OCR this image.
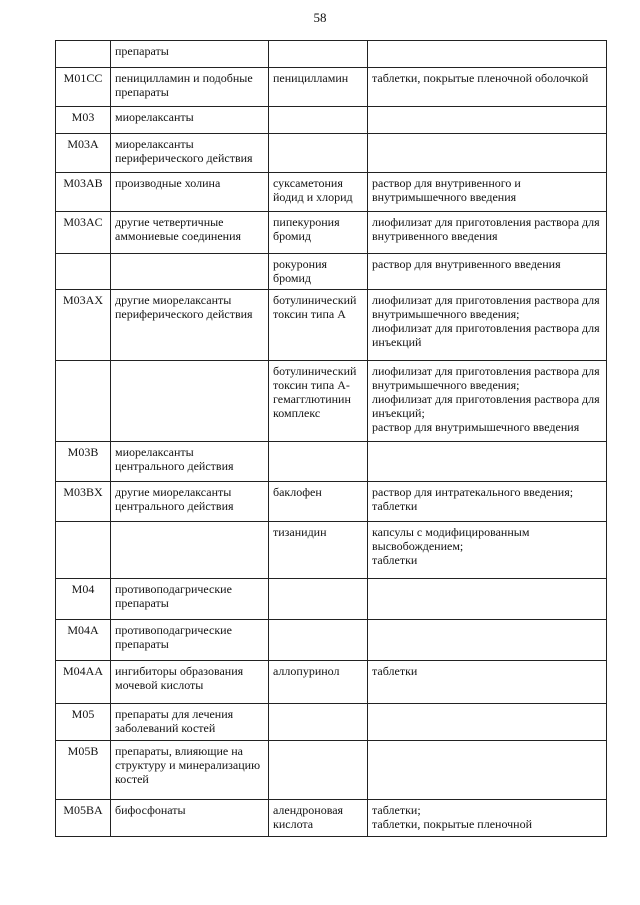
58
	препараты		
M01CC	пеницилламин и подобные препараты	пеницилламин	таблетки, покрытые пленочной оболочкой
M03	миорелаксанты		
M03A	миорелаксанты периферического действия		
M03AB	производные холина	суксаметония йодид и хлорид	раствор для внутривенного и внутримышечного введения
M03AC	другие четвертичные аммониевые соединения	пипекурония бромид	лиофилизат для приготовления раствора для внутривенного введения
		рокурония бромид	раствор для внутривенного введения
M03AX	другие миорелаксанты периферического действия	ботулинический токсин типа А	лиофилизат для приготовления раствора для внутримышечного введения;
лиофилизат для приготовления раствора для инъекций
		ботулинический токсин типа А-гемагглютинин комплекс	лиофилизат для приготовления раствора для внутримышечного введения;
лиофилизат для приготовления раствора для инъекций;
раствор для внутримышечного введения
M03B	миорелаксанты центрального действия		
M03BX	другие миорелаксанты центрального действия	баклофен	раствор для интратекального введения;
таблетки
		тизанидин	капсулы с модифицированным высвобождением;
таблетки
M04	противоподагрические препараты		
M04A	противоподагрические препараты		
M04AA	ингибиторы образования мочевой кислоты	аллопуринол	таблетки
M05	препараты для лечения заболеваний костей		
M05B	препараты, влияющие на структуру и минерализацию костей		
M05BA	бифосфонаты	алендроновая кислота	таблетки;
таблетки, покрытые пленочной
